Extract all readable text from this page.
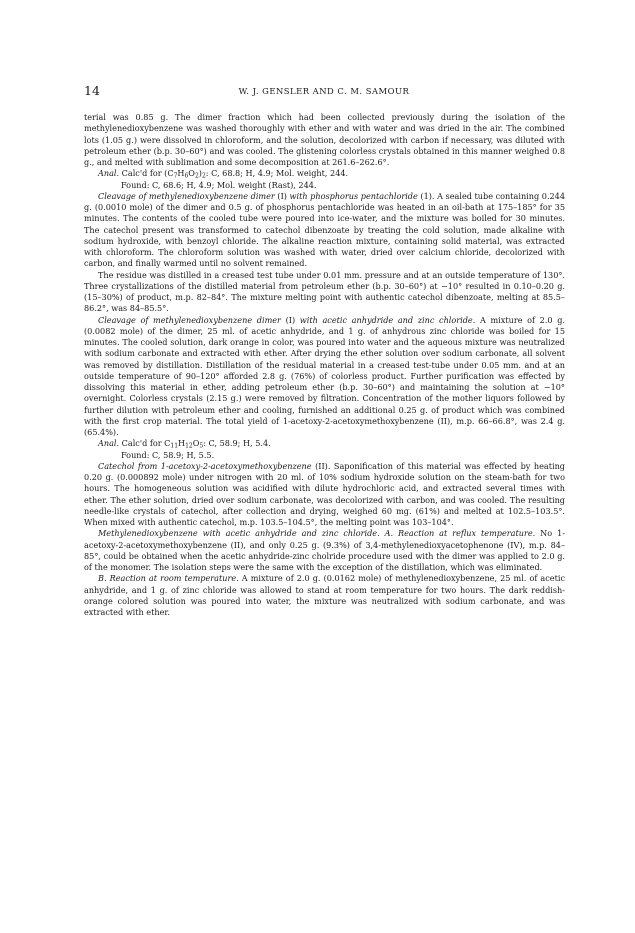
14	W. J. GENSLER AND C. M. SAMOUR

terial was 0.85 g. The dimer fraction which had been collected previously during the isolation of the methylenedioxybenzene was washed thoroughly with ether and with water and was dried in the air. The combined lots (1.05 g.) were dissolved in chloroform, and the solution, decolorized with carbon if necessary, was diluted with petroleum ether (b.p. 30–60°) and was cooled. The glistening colorless crystals obtained in this manner weighed 0.8 g., and melted with sublimation and some decomposition at 261.6–262.6°.

Anal. Calc'd for $(C_7H_6O_2)_2$: C, 68.8; H, 4.9; Mol. weight, 244.

Found: C, 68.6; H, 4.9; Mol. weight (Rast), 244.

Cleavage of methylenedioxybenzene dimer (I) with phosphorus pentachloride (1). A sealed tube containing 0.244 g. (0.0010 mole) of the dimer and 0.5 g. of phosphorus pentachloride was heated in an oil-bath at 175–185° for 35 minutes. The contents of the cooled tube were poured into ice-water, and the mixture was boiled for 30 minutes. The catechol present was transformed to catechol dibenzoate by treating the cold solution, made alkaline with sodium hydroxide, with benzoyl chloride. The alkaline reaction mixture, containing solid material, was extracted with chloroform. The chloroform solution was washed with water, dried over calcium chloride, decolorized with carbon, and finally warmed until no solvent remained.

The residue was distilled in a creased test tube under 0.01 mm. pressure and at an outside temperature of 130°. Three crystallizations of the distilled material from petroleum ether (b.p. 30–60°) at −10° resulted in 0.10–0.20 g. (15–30%) of product, m.p. 82–84°. The mixture melting point with authentic catechol dibenzoate, melting at 85.5–86.2°, was 84–85.5°.

Cleavage of methylenedioxybenzene dimer (I) with acetic anhydride and zinc chloride. A mixture of 2.0 g. (0.0082 mole) of the dimer, 25 ml. of acetic anhydride, and 1 g. of anhydrous zinc chloride was boiled for 15 minutes. The cooled solution, dark orange in color, was poured into water and the aqueous mixture was neutralized with sodium carbonate and extracted with ether. After drying the ether solution over sodium carbonate, all solvent was removed by distillation. Distillation of the residual material in a creased test-tube under 0.05 mm. and at an outside temperature of 90–120° afforded 2.8 g. (76%) of colorless product. Further purification was effected by dissolving this material in ether, adding petroleum ether (b.p. 30–60°) and maintaining the solution at −10° overnight. Colorless crystals (2.15 g.) were removed by filtration. Concentration of the mother liquors followed by further dilution with petroleum ether and cooling, furnished an additional 0.25 g. of product which was combined with the first crop material. The total yield of 1-acetoxy-2-acetoxymethoxybenzene (II), m.p. 66–66.8°, was 2.4 g. (65.4%).

Anal. Calc'd for $C_{11}H_{12}O_5$: C, 58.9; H, 5.4.

Found: C, 58.9; H, 5.5.

Catechol from 1-acetoxy-2-acetoxymethoxybenzene (II). Saponification of this material was effected by heating 0.20 g. (0.000892 mole) under nitrogen with 20 ml. of 10% sodium hydroxide solution on the steam-bath for two hours. The homogeneous solution was acidified with dilute hydrochloric acid, and extracted several times with ether. The ether solution, dried over sodium carbonate, was decolorized with carbon, and was cooled. The resulting needle-like crystals of catechol, after collection and drying, weighed 60 mg. (61%) and melted at 102.5–103.5°. When mixed with authentic catechol, m.p. 103.5–104.5°, the melting point was 103–104°.

Methylenedioxybenzene with acetic anhydride and zinc chloride. A. Reaction at reflux temperature. No 1-acetoxy-2-acetoxymethoxybenzene (II), and only 0.25 g. (9.3%) of 3,4-methylenedioxyacetophenone (IV), m.p. 84–85°, could be obtained when the acetic anhydride-zinc cholride procedure used with the dimer was applied to 2.0 g. of the monomer. The isolation steps were the same with the exception of the distillation, which was eliminated.

B. Reaction at room temperature. A mixture of 2.0 g. (0.0162 mole) of methylenedioxybenzene, 25 ml. of acetic anhydride, and 1 g. of zinc chloride was allowed to stand at room temperature for two hours. The dark reddish-orange colored solution was poured into water, the mixture was neutralized with sodium carbonate, and was extracted with ether.
